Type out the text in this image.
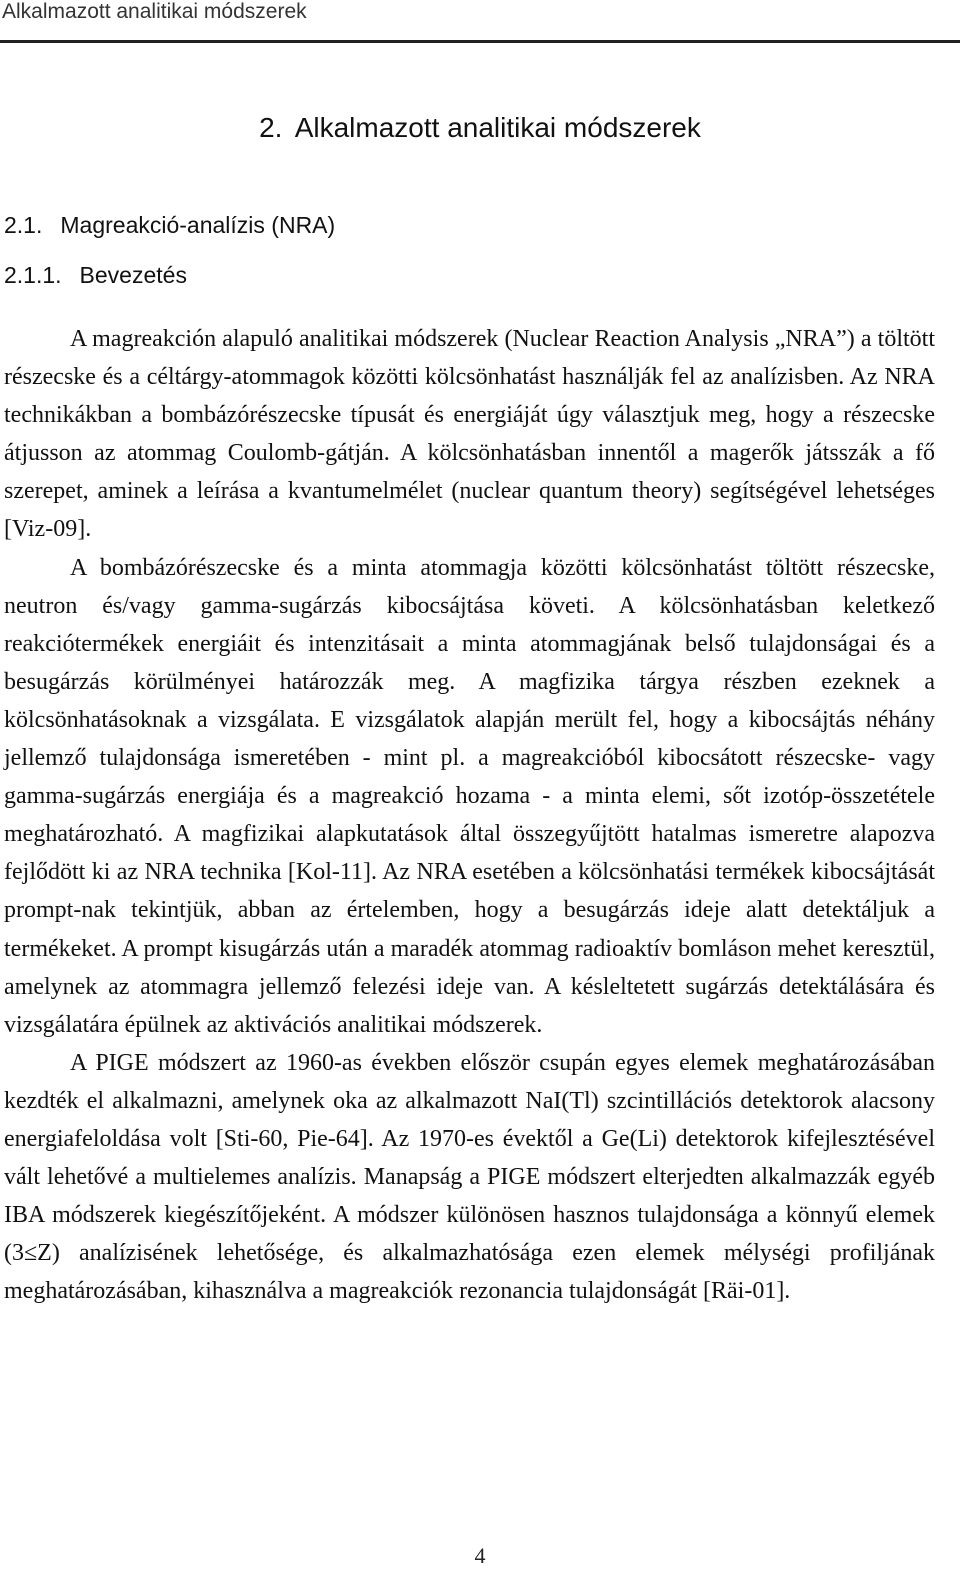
Alkalmazott analitikai módszerek
2. Alkalmazott analitikai módszerek
2.1. Magreakció-analízis (NRA)
2.1.1. Bevezetés

A magreakción alapuló analitikai módszerek (Nuclear Reaction Analysis „NRA”) a töltött részecske és a céltárgy-atommagok közötti kölcsönhatást használják fel az analízisben. Az NRA technikákban a bombázórészecske típusát és energiáját úgy választjuk meg, hogy a részecske átjusson az atommag Coulomb-gátján. A kölcsönhatásban innentől a magerők játsszák a fő szerepet, aminek a leírása a kvantumelmélet (nuclear quantum theory) segítségével lehetséges [Viz-09].

A bombázórészecske és a minta atommagja közötti kölcsönhatást töltött részecske, neutron és/vagy gamma-sugárzás kibocsájtása követi. A kölcsönhatásban keletkező reakciótermékek energiáit és intenzitásait a minta atommagjának belső tulajdonságai és a besugárzás körülményei határozzák meg. A magfizika tárgya részben ezeknek a kölcsönhatásoknak a vizsgálata. E vizsgálatok alapján merült fel, hogy a kibocsájtás néhány jellemző tulajdonsága ismeretében - mint pl. a magreakcióból kibocsátott részecske- vagy gamma-sugárzás energiája és a magreakció hozama - a minta elemi, sőt izotóp-összetétele meghatározható. A magfizikai alapkutatások által összegyűjtött hatalmas ismeretre alapozva fejlődött ki az NRA technika [Kol-11]. Az NRA esetében a kölcsönhatási termékek kibocsájtását prompt-nak tekintjük, abban az értelemben, hogy a besugárzás ideje alatt detektáljuk a termékeket. A prompt kisugárzás után a maradék atommag radioaktív bomláson mehet keresztül, amelynek az atommagra jellemző felezési ideje van. A késleltetett sugárzás detektálására és vizsgálatára épülnek az aktivációs analitikai módszerek.

A PIGE módszert az 1960-as években először csupán egyes elemek meghatározásában kezdték el alkalmazni, amelynek oka az alkalmazott NaI(Tl) szcintillációs detektorok alacsony energiafeloldása volt [Sti-60, Pie-64]. Az 1970-es évektől a Ge(Li) detektorok kifejlesztésével vált lehetővé a multielemes analízis. Manapság a PIGE módszert elterjedten alkalmazzák egyéb IBA módszerek kiegészítőjeként. A módszer különösen hasznos tulajdonsága a könnyű elemek (3≤Z) analízisének lehetősége, és alkalmazhatósága ezen elemek mélységi profiljának meghatározásában, kihasználva a magreakciók rezonancia tulajdonságát [Räi-01].

4
